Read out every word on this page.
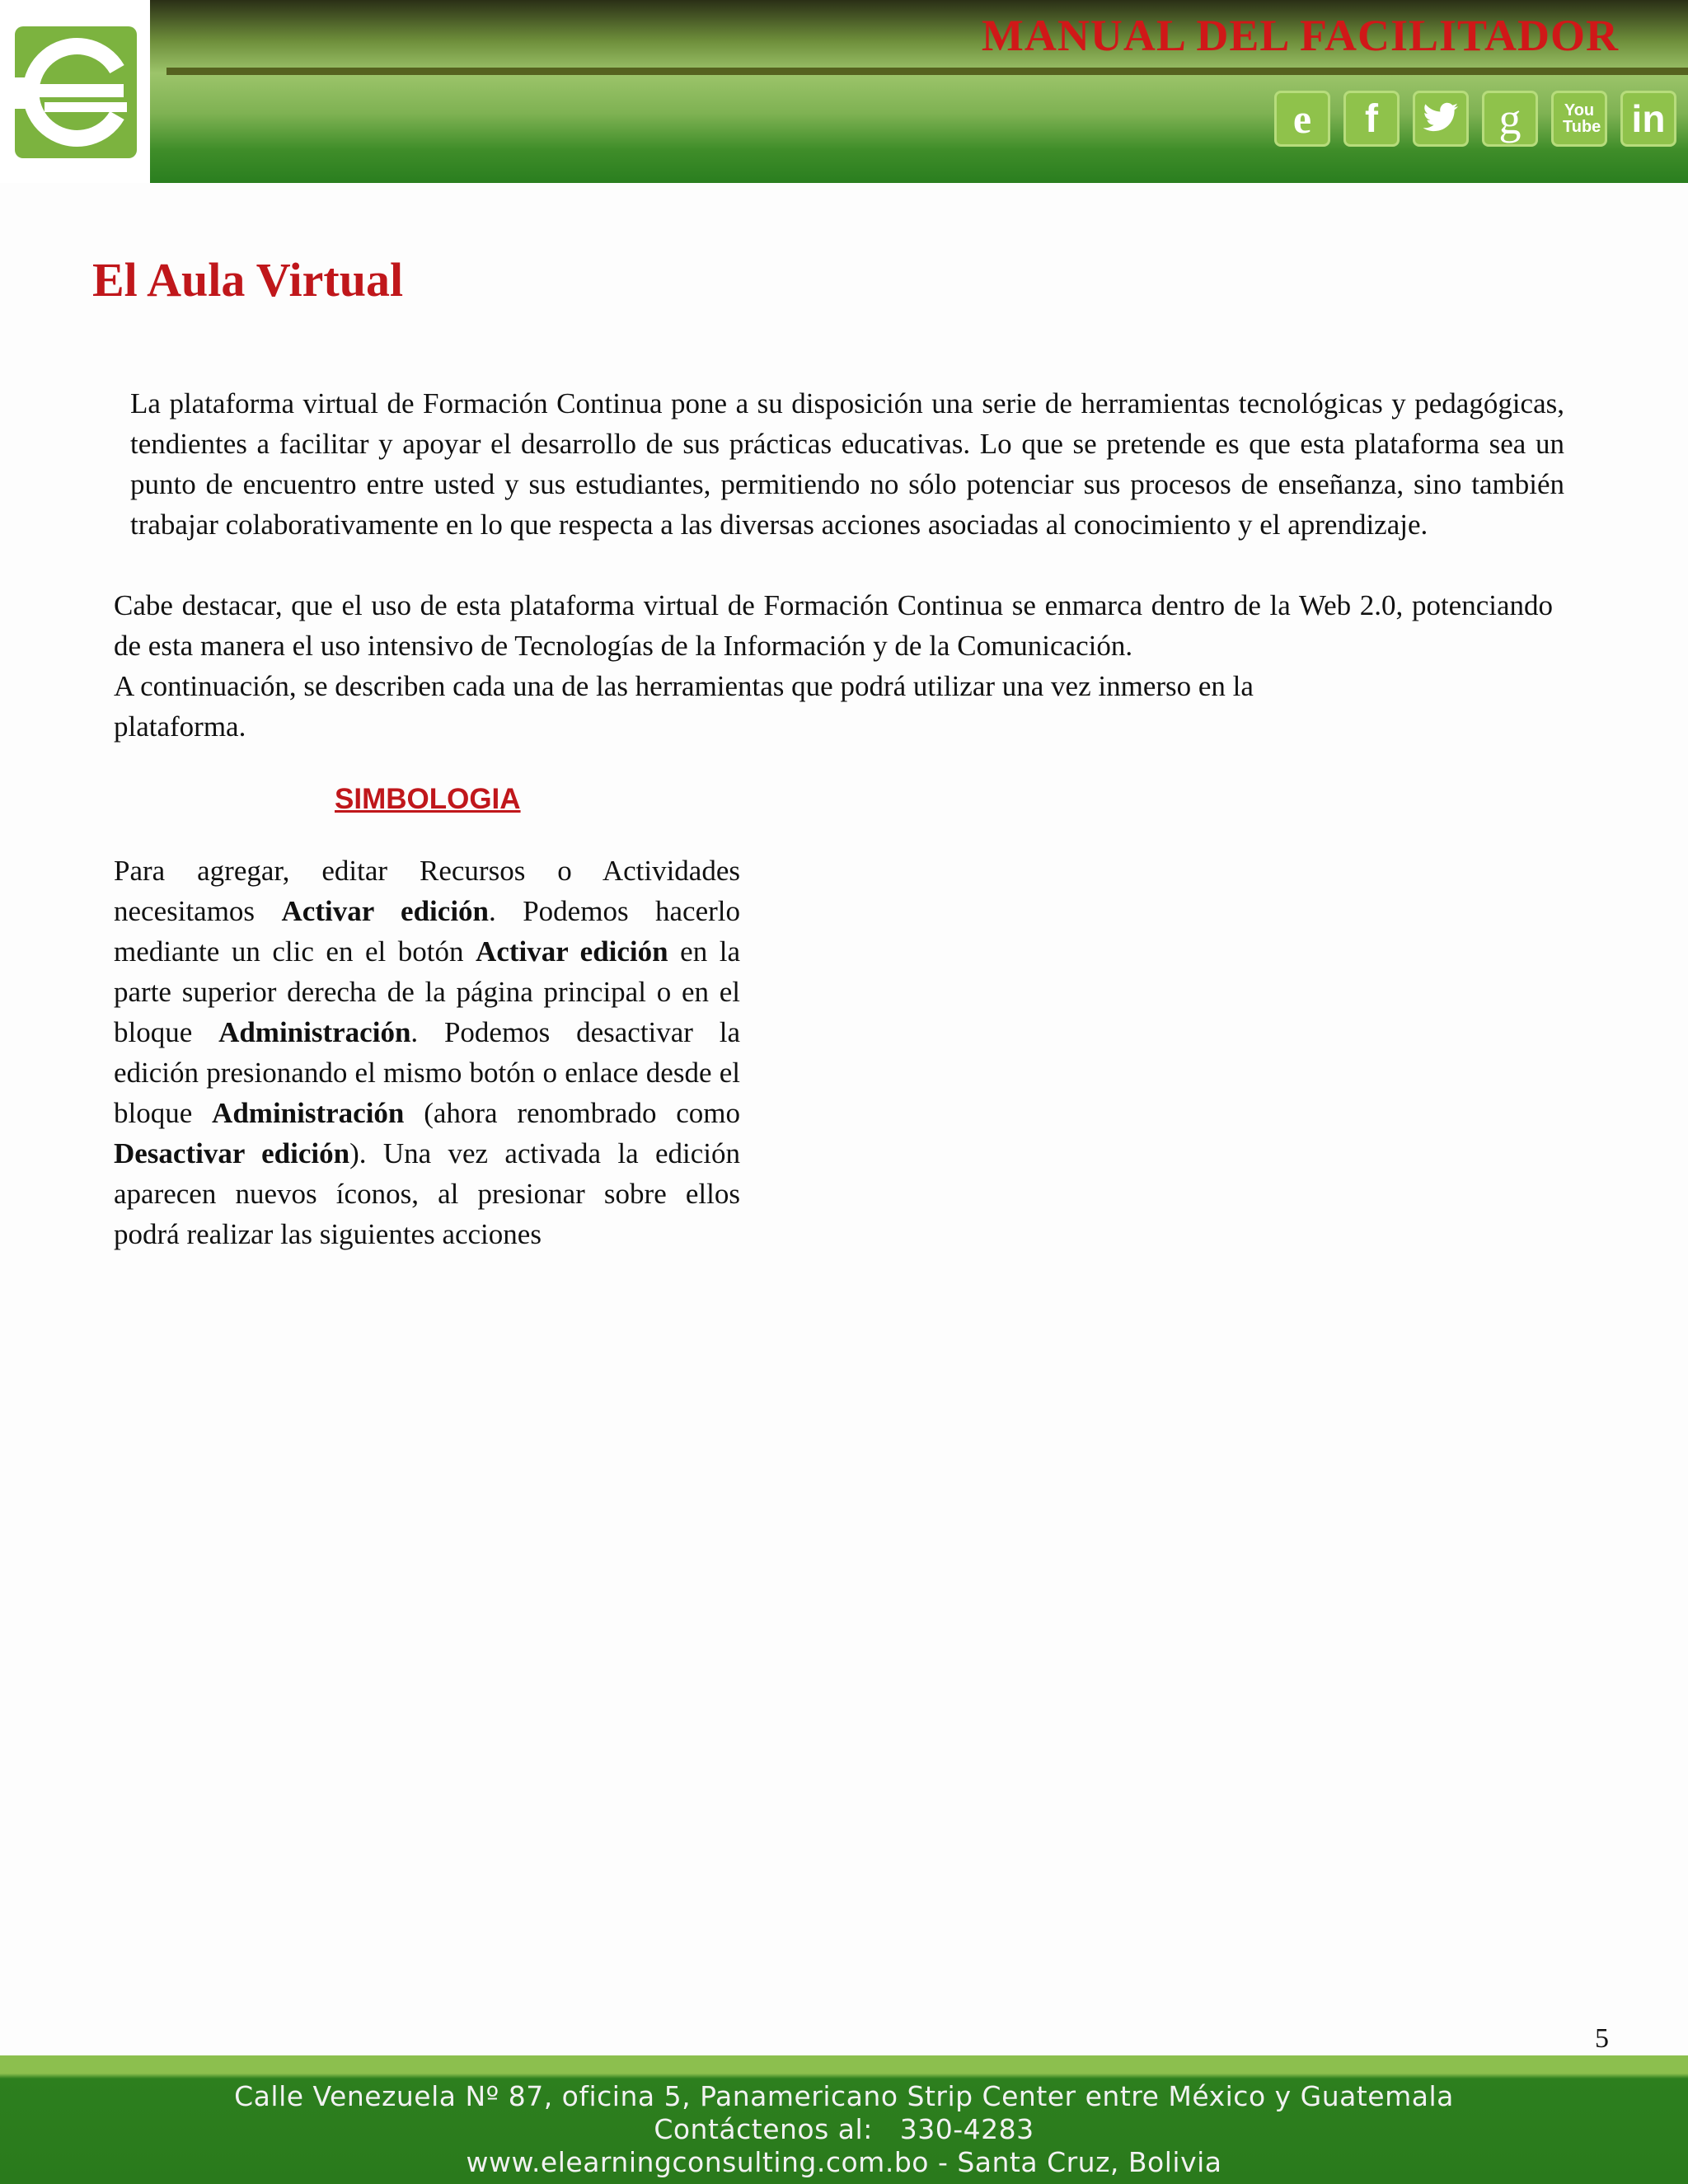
MANUAL DEL FACILITADOR
e f	g	You Tube in
El Aula Virtual

La plataforma virtual de Formación Continua pone a su disposición una serie de herramientas tecnológicas y pedagógicas, tendientes a facilitar y apoyar el desarrollo de sus prácticas educativas. Lo que se pretende es que esta plataforma sea un punto de encuentro entre usted y sus estudiantes, permitiendo no sólo potenciar sus procesos de enseñanza, sino también trabajar colaborativamente en lo que respecta a las diversas acciones asociadas al conocimiento y el aprendizaje.

Cabe destacar, que el uso de esta plataforma virtual de Formación Continua se enmarca dentro de la Web 2.0, potenciando de esta manera el uso intensivo de Tecnologías de la Información y de la Comunicación.

A continuación, se describen cada una de las herramientas que podrá utilizar una vez inmerso en la

plataforma.

SIMBOLOGIA

Para agregar, editar Recursos o Actividades necesitamos Activar edición. Podemos hacerlo mediante un clic en el botón Activar edición en la parte superior derecha de la página principal o en el bloque Administración. Podemos desactivar la edición presionando el mismo botón o enlace desde el bloque Administración (ahora renombrado como Desactivar edición). Una vez activada la edición aparecen nuevos íconos, al presionar sobre ellos podrá realizar las siguientes acciones

5
Calle Venezuela Nº 87, oficina 5, Panamericano Strip Center entre México y Guatemala
Contáctenos al:   330-4283
www.elearningconsulting.com.bo - Santa Cruz, Bolivia
